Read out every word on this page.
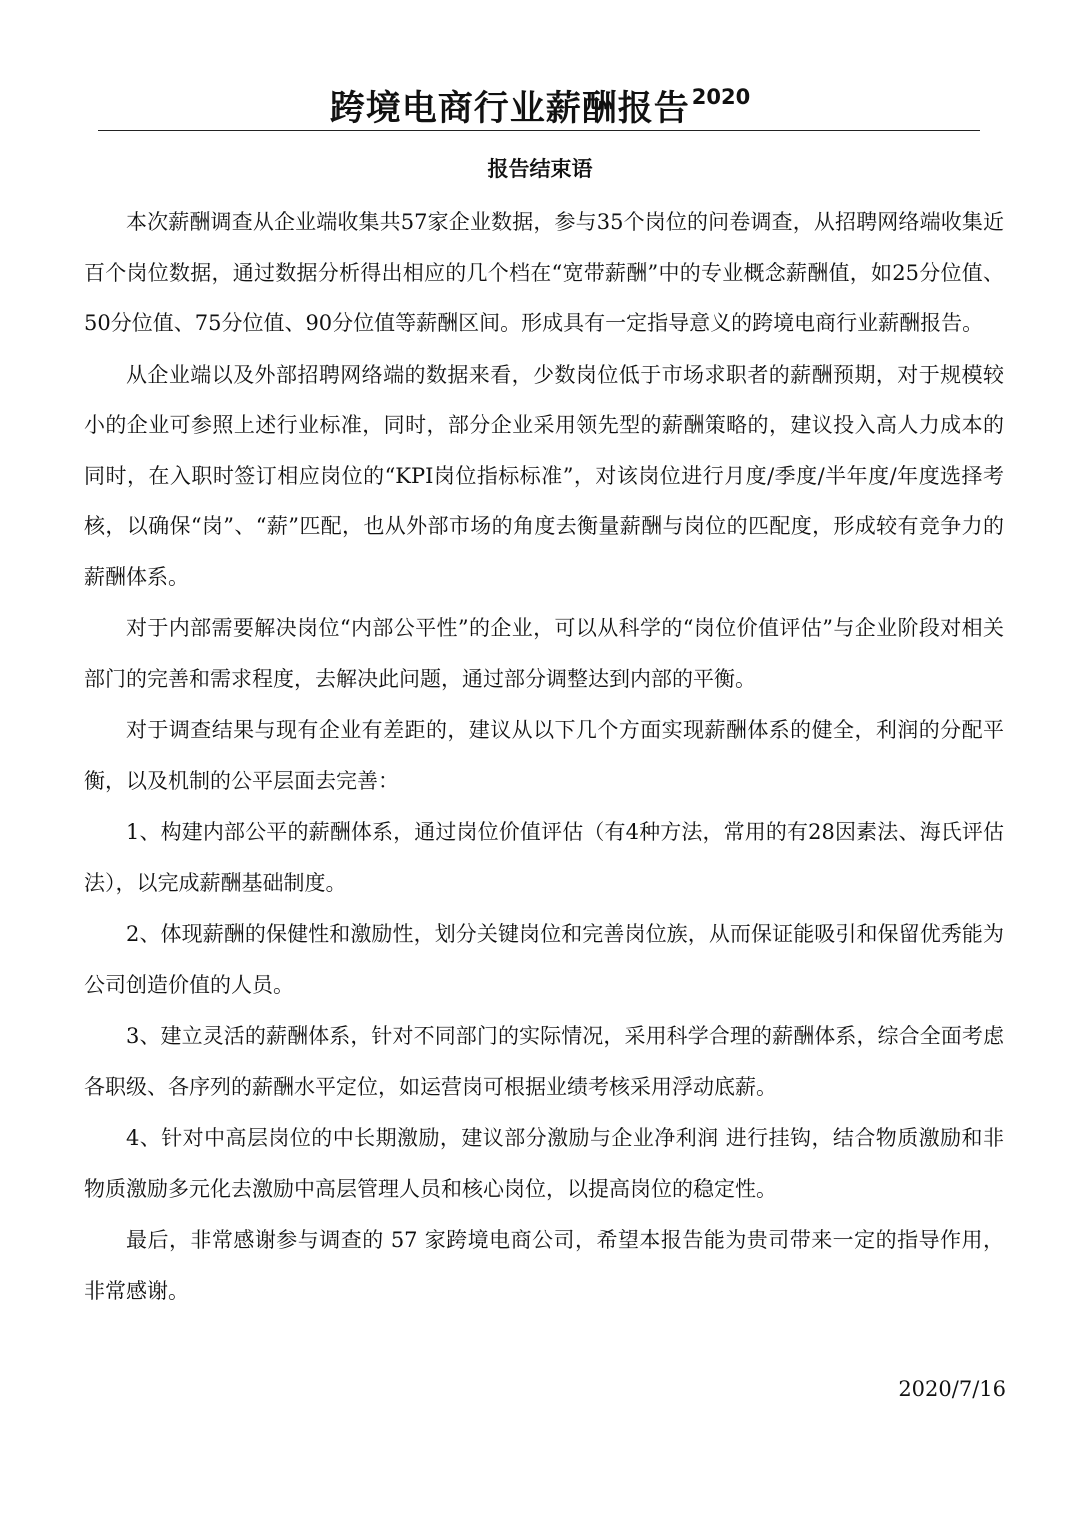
跨境电商行业薪酬报告$^{2020}$
报告结束语

本次薪酬调查从企业端收集共57家企业数据，参与35个岗位的问卷调查，从招聘网络端收集近百个岗位数据，通过数据分析得出相应的几个档在“宽带薪酬”中的专业概念薪酬值，如25分位值、50分位值、75分位值、90分位值等薪酬区间。形成具有一定指导意义的跨境电商行业薪酬报告。

从企业端以及外部招聘网络端的数据来看，少数岗位低于市场求职者的薪酬预期，对于规模较小的企业可参照上述行业标准，同时，部分企业采用领先型的薪酬策略的，建议投入高人力成本的同时，在入职时签订相应岗位的“KPI岗位指标标准”，对该岗位进行月度/季度/半年度/年度选择考核，以确保“岗”、“薪”匹配，也从外部市场的角度去衡量薪酬与岗位的匹配度，形成较有竞争力的薪酬体系。

对于内部需要解决岗位“内部公平性”的企业，可以从科学的“岗位价值评估”与企业阶段对相关部门的完善和需求程度，去解决此问题，通过部分调整达到内部的平衡。

对于调查结果与现有企业有差距的，建议从以下几个方面实现薪酬体系的健全，利润的分配平衡，以及机制的公平层面去完善：

1、构建内部公平的薪酬体系，通过岗位价值评估（有4种方法，常用的有28因素法、海氏评估法），以完成薪酬基础制度。

2、体现薪酬的保健性和激励性，划分关键岗位和完善岗位族，从而保证能吸引和保留优秀能为公司创造价值的人员。

3、建立灵活的薪酬体系，针对不同部门的实际情况，采用科学合理的薪酬体系，综合全面考虑各职级、各序列的薪酬水平定位，如运营岗可根据业绩考核采用浮动底薪。

4、针对中高层岗位的中长期激励，建议部分激励与企业净利润 进行挂钩，结合物质激励和非物质激励多元化去激励中高层管理人员和核心岗位，以提高岗位的稳定性。

最后，非常感谢参与调查的 57 家跨境电商公司，希望本报告能为贵司带来一定的指导作用，非常感谢。

2020/7/16
